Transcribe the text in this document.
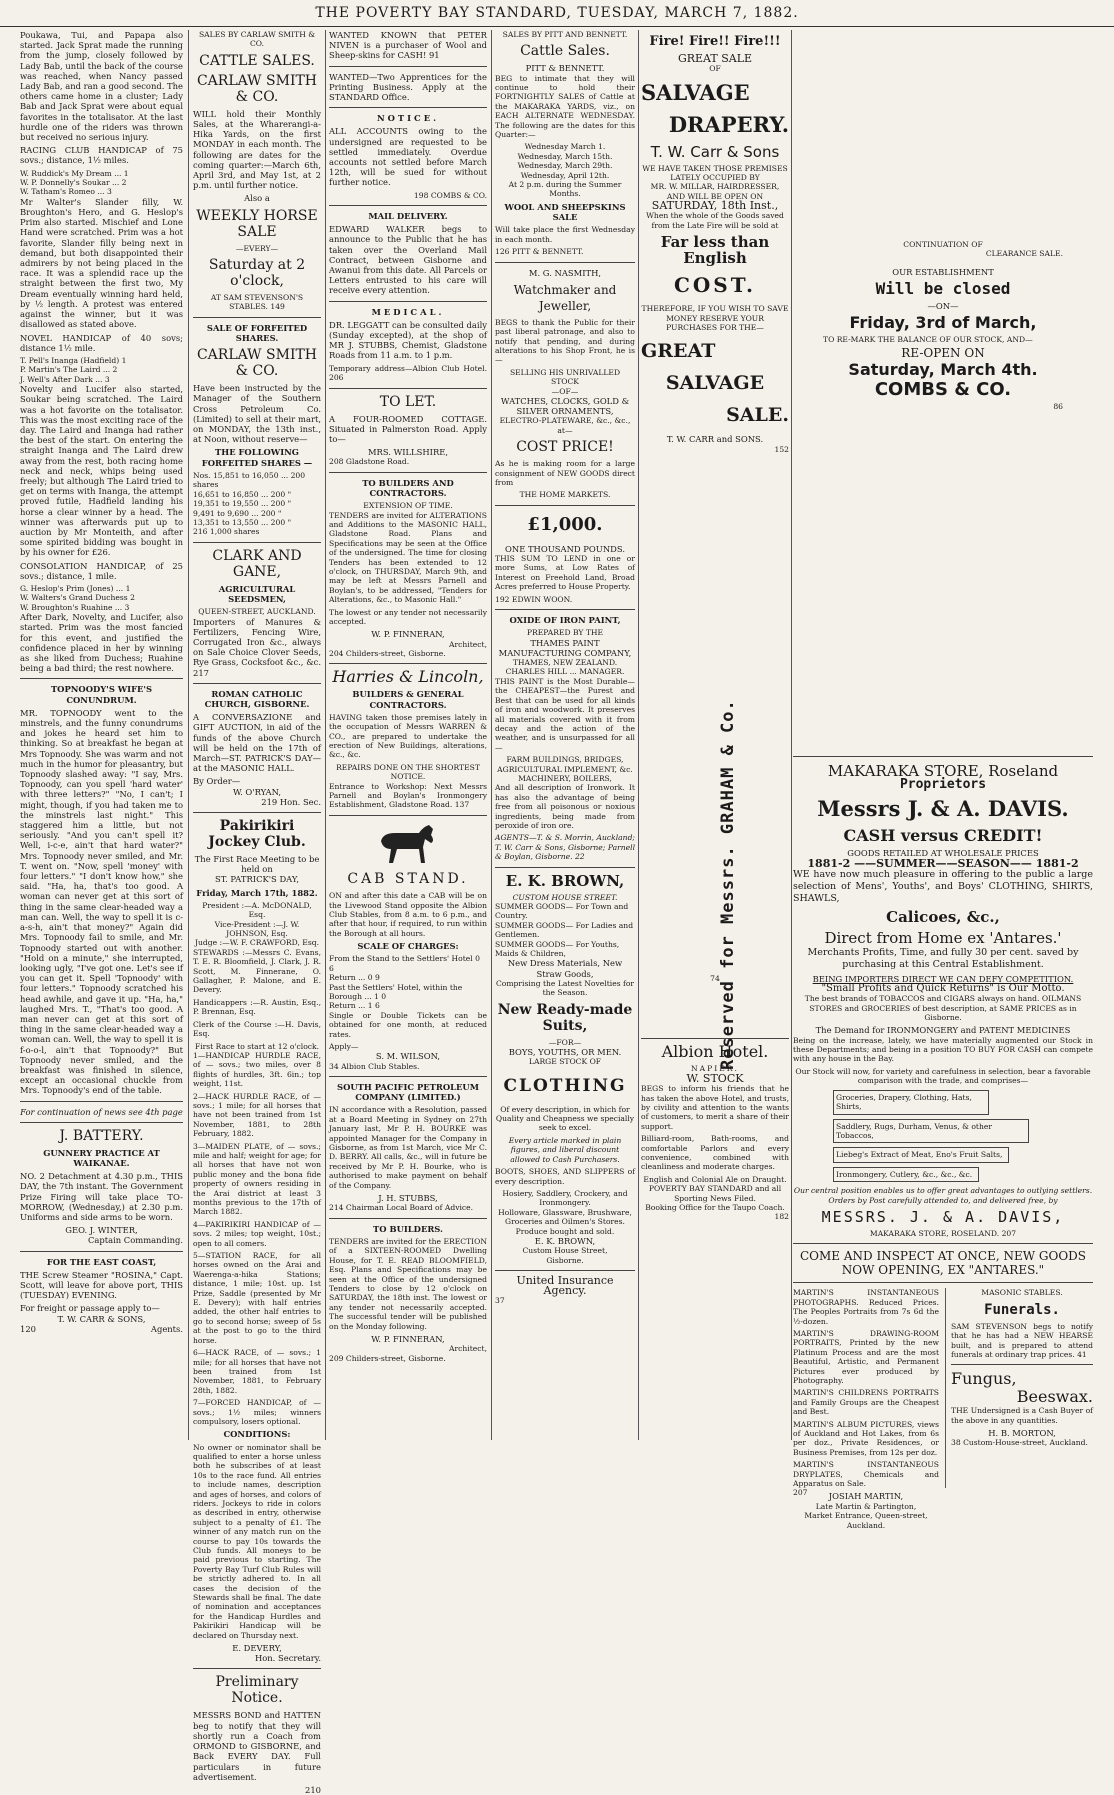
THE POVERTY BAY STANDARD, TUESDAY, MARCH 7, 1882.

Poukawa, Tui, and Papapa also started. Jack Sprat made the running from the jump, closely followed by Lady Bab, until the back of the course was reached, when Nancy passed Lady Bab, and ran a good second. The others came home in a cluster; Lady Bab and Jack Sprat were about equal favorites in the totalisator. At the last hurdle one of the riders was thrown but received no serious injury.

RACING CLUB HANDICAP of 75 sovs.; distance, 1½ miles.

W. Ruddick's My Dream ... 1
W. P. Donnelly's Soukar ... 2
W. Tatham's Romeo ... 3

Mr Walter's Slander filly, W. Broughton's Hero, and G. Heslop's Prim also started. Mischief and Lone Hand were scratched. Prim was a hot favorite, Slander filly being next in demand, but both disappointed their admirers by not being placed in the race. It was a splendid race up the straight between the first two, My Dream eventually winning hard held, by ½ length. A protest was entered against the winner, but it was disallowed as stated above.

NOVEL HANDICAP of 40 sovs; distance 1½ mile.

T. Pell's Inanga (Hadfield) 1
P. Martin's The Laird ... 2
J. Well's After Dark ... 3

Novelty and Lucifer also started, Soukar being scratched. The Laird was a hot favorite on the totalisator. This was the most exciting race of the day. The Laird and Inanga had rather the best of the start. On entering the straight Inanga and The Laird drew away from the rest, both racing home neck and neck, whips being used freely; but although The Laird tried to get on terms with Inanga, the attempt proved futile, Hadfield landing his horse a clear winner by a head. The winner was afterwards put up to auction by Mr Monteith, and after some spirited bidding was bought in by his owner for £26.

CONSOLATION HANDICAP, of 25 sovs.; distance, 1 mile.

G. Heslop's Prim (Jones) ... 1
W. Walters's Grand Duchess 2
W. Broughton's Ruahine ... 3

After Dark, Novelty, and Lucifer, also started. Prim was the most fancied for this event, and justified the confidence placed in her by winning as she liked from Duchess; Ruahine being a bad third; the rest nowhere.

TOPNOODY'S WIFE'S CONUNDRUM.

MR. TOPNOODY went to the minstrels, and the funny conundrums and jokes he heard set him to thinking. So at breakfast he began at Mrs Topnoody. She was warm and not much in the humor for pleasantry, but Topnoody slashed away: "I say, Mrs. Topnoody, can you spell 'hard water' with three letters?" "No, I can't; I might, though, if you had taken me to the minstrels last night." This staggered him a little, but not seriously. "And you can't spell it? Well, i-c-e, ain't that hard water?" Mrs. Topnoody never smiled, and Mr. T. went on. "Now, spell 'money' with four letters." "I don't know how," she said. "Ha, ha, that's too good. A woman can never get at this sort of thing in the same clear-headed way a man can. Well, the way to spell it is c-a-s-h, ain't that money?" Again did Mrs. Topnoody fail to smile, and Mr. Topnoody started out with another. "Hold on a minute," she interrupted, looking ugly, "I've got one. Let's see if you can get it. Spell 'Topnoody' with four letters." Topnoody scratched his head awhile, and gave it up. "Ha, ha," laughed Mrs. T., "That's too good. A man never can get at this sort of thing in the same clear-headed way a woman can. Well, the way to spell it is f-o-o-l, ain't that Topnoody?" But Topnoody never smiled, and the breakfast was finished in silence, except an occasional chuckle from Mrs. Topnoody's end of the table.

For continuation of news see 4th page

J. BATTERY.
GUNNERY PRACTICE AT WAIKANAE.

NO. 2 Detachment at 4.30 p.m., THIS DAY, the 7th instant. The Government Prize Firing will take place TO-MORROW, (Wednesday,) at 2.30 p.m. Uniforms and side arms to be worn.

GEO. J. WINTER,
Captain Commanding.
FOR THE EAST COAST,

THE Screw Steamer "ROSINA," Capt. Scott, will leave for above port, THIS (TUESDAY) EVENING.

For freight or passage apply to—
T. W. CARR & SONS,
120	Agents.
SALES BY CARLAW SMITH & CO.
CATTLE SALES.
CARLAW SMITH & CO.

WILL hold their Monthly Sales, at the Wharerangi-a-Hika Yards, on the first MONDAY in each month. The following are dates for the coming quarter:—March 6th, April 3rd, and May 1st, at 2 p.m. until further notice.

Also a
WEEKLY HORSE SALE
—EVERY—
Saturday at 2 o'clock,
AT SAM STEVENSON'S STABLES. 149
SALE OF FORFEITED SHARES.
CARLAW SMITH & CO.

Have been instructed by the Manager of the Southern Cross Petroleum Co. (Limited) to sell at their mart, on MONDAY, the 13th inst., at Noon, without reserve—

THE FOLLOWING FORFEITED SHARES —
Nos. 15,851 to 16,050 ... 200 shares
16,651 to 16,850 ... 200 "
19,351 to 19,550 ... 200 "
9,491 to 9,690 ... 200 "
13,351 to 13,550 ... 200 "
216 1,000 shares
CLARK AND GANE,
AGRICULTURAL SEEDSMEN,
QUEEN-STREET, AUCKLAND.

Importers of Manures & Fertilizers, Fencing Wire, Corrugated Iron &c., always on Sale Choice Clover Seeds, Rye Grass, Cocksfoot &c., &c. 217

ROMAN CATHOLIC CHURCH, GISBORNE.

A CONVERSAZIONE and GIFT AUCTION, in aid of the funds of the above Church will be held on the 17th of March—ST. PATRICK'S DAY—at the MASONIC HALL.

By Order—
W. O'RYAN,
219 Hon. Sec.
Pakirikiri Jockey Club.
The First Race Meeting to be held on
ST. PATRICK'S DAY,
Friday, March 17th, 1882.
President :—A. McDONALD, Esq.
Vice-President :—J. W. JOHNSON, Esq.
Judge :—W. F. CRAWFORD, Esq.

STEWARDS :—Messrs C. Evans, T. E. R. Bloomfield, J. Clark, J. R. Scott, M. Finnerane, O. Gallagher, P. Malone, and E. Devery.

Handicappers :—R. Austin, Esq., P. Brennan, Esq.

Clerk of the Course :—H. Davis, Esq.

First Race to start at 12 o'clock.

1—HANDICAP HURDLE RACE, of — sovs.; two miles, over 8 flights of hurdles, 3ft. 6in.; top weight, 11st.

2—HACK HURDLE RACE, of — sovs.; 1 mile; for all horses that have not been trained from 1st November, 1881, to 28th February, 1882.

3—MAIDEN PLATE, of — sovs.; mile and half; weight for age; for all horses that have not won public money and the bona fide property of owners residing in the Arai district at least 3 months previous to the 17th of March 1882.

4—PAKIRIKIRI HANDICAP of — sovs. 2 miles; top weight, 10st.; open to all comers.

5—STATION RACE, for all horses owned on the Arai and Waerenga-a-hika Stations; distance, 1 mile; 10st. up. 1st Prize, Saddle (presented by Mr E. Devery); with half entries added, the other half entries to go to second horse; sweep of 5s at the post to go to the third horse.

6—HACK RACE, of — sovs.; 1 mile; for all horses that have not been trained from 1st November, 1881, to February 28th, 1882.

7—FORCED HANDICAP, of — sovs.; 1½ miles; winners compulsory, losers optional.

CONDITIONS:

No owner or nominator shall be qualified to enter a horse unless both he subscribes of at least 10s to the race fund. All entries to include names, description and ages of horses, and colors of riders. Jockeys to ride in colors as described in entry, otherwise subject to a penalty of £1. The winner of any match run on the course to pay 10s towards the Club funds. All moneys to be paid previous to starting. The Poverty Bay Turf Club Rules will be strictly adhered to. In all cases the decision of the Stewards shall be final. The date of nomination and acceptances for the Handicap Hurdles and Pakirikiri Handicap will be declared on Thursday next.

E. DEVERY,
Hon. Secretary.
Preliminary Notice.

MESSRS BOND and HATTEN beg to notify that they will shortly run a Coach from ORMOND to GISBORNE, and Back EVERY DAY. Full particulars in future advertisement.

210

WANTED KNOWN that PETER NIVEN is a purchaser of Wool and Sheep-skins for CASH! 91

WANTED—Two Apprentices for the Printing Business. Apply at the STANDARD Office.

NOTICE.

ALL ACCOUNTS owing to the undersigned are requested to be settled immediately. Overdue accounts not settled before March 12th, will be sued for without further notice.

198 COMBS & CO.
MAIL DELIVERY.

EDWARD WALKER begs to announce to the Public that he has taken over the Overland Mail Contract, between Gisborne and Awanui from this date. All Parcels or Letters entrusted to his care will receive every attention.

MEDICAL.

DR. LEGGATT can be consulted daily (Sunday excepted), at the shop of MR J. STUBBS, Chemist, Gladstone Roads from 11 a.m. to 1 p.m.

Temporary address—Albion Club Hotel. 206

TO LET.

A FOUR-ROOMED COTTAGE. Situated in Palmerston Road. Apply to—

MRS. WILLSHIRE,
208 Gladstone Road.
TO BUILDERS AND CONTRACTORS.
EXTENSION OF TIME.

TENDERS are invited for ALTERATIONS and Additions to the MASONIC HALL, Gladstone Road. Plans and Specifications may be seen at the Office of the undersigned. The time for closing Tenders has been extended to 12 o'clock, on THURSDAY, March 9th, and may be left at Messrs Parnell and Boylan's, to be addressed, "Tenders for Alterations, &c., to Masonic Hall."

The lowest or any tender not necessarily accepted.

W. P. FINNERAN,
Architect,
204 Childers-street, Gisborne.
Harries & Lincoln,
BUILDERS & GENERAL CONTRACTORS.

HAVING taken those premises lately in the occupation of Messrs WARREN & CO., are prepared to undertake the erection of New Buildings, alterations, &c., &c.

REPAIRS DONE ON THE SHORTEST NOTICE.

Entrance to Workshop: Next Messrs Parnell and Boylan's Ironmongery Establishment, Gladstone Road. 137

CAB STAND.

ON and after this date a CAB will be on the Livewood Stand opposite the Albion Club Stables, from 8 a.m. to 6 p.m., and after that hour, if required, to run within the Borough at all hours.

SCALE OF CHARGES:
From the Stand to the Settlers' Hotel 0 6
Return ... 0 9
Past the Settlers' Hotel, within the Borough ... 1 0
Return ... 1 6

Single or Double Tickets can be obtained for one month, at reduced rates.

Apply—
S. M. WILSON,
34 Albion Club Stables.
SOUTH PACIFIC PETROLEUM COMPANY (LIMITED.)

IN accordance with a Resolution, passed at a Board Meeting in Sydney on 27th January last, Mr P. H. BOURKE was appointed Manager for the Company in Gisborne, as from 1st March, vice Mr C. D. BERRY. All calls, &c., will in future be received by Mr P. H. Bourke, who is authorised to make payment on behalf of the Company.

J. H. STUBBS,
214 Chairman Local Board of Advice.
TO BUILDERS.

TENDERS are invited for the ERECTION of a SIXTEEN-ROOMED Dwelling House, for T. E. READ BLOOMFIELD, Esq. Plans and Specifications may be seen at the Office of the undersigned Tenders to close by 12 o'clock on SATURDAY, the 18th inst. The lowest or any tender not necessarily accepted. The successful tender will be published on the Monday following.

W. P. FINNERAN,
Architect,
209 Childers-street, Gisborne.
SALES BY PITT AND BENNETT.
Cattle Sales.
PITT & BENNETT.

BEG to intimate that they will continue to hold their FORTNIGHTLY SALES of Cattle at the MAKARAKA YARDS, viz., on EACH ALTERNATE WEDNESDAY. The following are the dates for this Quarter:—

Wednesday March 1.
Wednesday, March 15th.
Wednesday, March 29th.
Wednesday, April 12th.
At 2 p.m. during the Summer Months.
WOOL AND SHEEPSKINS SALE

Will take place the first Wednesday in each month.

126 PITT & BENNETT.
M. G. NASMITH,
Watchmaker and Jeweller,

BEGS to thank the Public for their past liberal patronage, and also to notify that pending, and during alterations to his Shop Front, he is—

SELLING HIS UNRIVALLED STOCK
—OF—
WATCHES, CLOCKS, GOLD & SILVER ORNAMENTS,
ELECTRO-PLATEWARE, &c., &c., at—
COST PRICE!

As he is making room for a large consignment of NEW GOODS direct from

THE HOME MARKETS.
£1,000.
ONE THOUSAND POUNDS.

THIS SUM TO LEND in one or more Sums, at Low Rates of Interest on Freehold Land, Broad Acres preferred to House Property.

192 EDWIN WOON.
OXIDE OF IRON PAINT,
PREPARED BY THE
THAMES PAINT MANUFACTURING COMPANY,
THAMES, NEW ZEALAND.
CHARLES HILL ... MANAGER.

THIS PAINT is the Most Durable—the CHEAPEST—the Purest and Best that can be used for all kinds of iron and woodwork. It preserves all materials covered with it from decay and the action of the weather, and is unsurpassed for all—

FARM BUILDINGS, BRIDGES, AGRICULTURAL IMPLEMENT, &c. MACHINERY, BOILERS,

And all description of Ironwork. It has also the advantage of being free from all poisonous or noxious ingredients, being made from peroxide of iron ore.

AGENTS—T. & S. Morrin, Auckland; T. W. Carr & Sons, Gisborne; Parnell & Boylan, Gisborne. 22

E. K. BROWN,
CUSTOM HOUSE STREET.
SUMMER GOODS— For Town and Country.
SUMMER GOODS— For Ladies and Gentlemen.
SUMMER GOODS— For Youths, Maids & Children,
New Dress Materials, New Straw Goods,
Comprising the Latest Novelties for the Season.
New Ready-made Suits,
—FOR—
BOYS, YOUTHS, OR MEN.
LARGE STOCK OF
CLOTHING

Of every description, in which for Quality and Cheapness we specially seek to excel.

Every article marked in plain figures, and liberal discount allowed to Cash Purchasers.

BOOTS, SHOES, AND SLIPPERS of every description.

Hosiery, Saddlery, Crockery, and Ironmongery.
Holloware, Glassware, Brushware, Groceries and Oilmen's Stores.
Produce bought and sold.
E. K. BROWN,
Custom House Street,
Gisborne.
United Insurance Agency.
37
Fire! Fire!! Fire!!!
GREAT SALE
OF
SALVAGE
DRAPERY.
T. W. Carr & Sons
WE HAVE TAKEN THOSE PREMISES
LATELY OCCUPIED BY
MR. W. MILLAR, HAIRDRESSER,
AND WILL BE OPEN ON
SATURDAY, 18th Inst.,

When the whole of the Goods saved from the Late Fire will be sold at

Far less than English
COST.

THEREFORE, IF YOU WISH TO SAVE MONEY RESERVE YOUR PURCHASES FOR THE—

GREAT
SALVAGE
SALE.
T. W. CARR and SONS.
152
74
Albion Hotel.
NAPIER.
W. STOCK

BEGS to inform his friends that he has taken the above Hotel, and trusts, by civility and attention to the wants of customers, to merit a share of their support.

Billiard-room, Bath-rooms, and comfortable Parlors and every convenience, combined with cleanliness and moderate charges.

English and Colonial Ale on Draught.
POVERTY BAY STANDARD and all Sporting News Filed.
Booking Office for the Taupo Coach.
182
Reserved for Messrs. GRAHAM & Co.
CONTINUATION OF
CLEARANCE SALE.
OUR ESTABLISHMENT
Will be closed
—ON—
Friday, 3rd of March,

TO RE-MARK THE BALANCE OF OUR STOCK, AND—

RE-OPEN ON
Saturday, March 4th.
COMBS & CO.
86
MAKARAKA STORE, Roseland
Proprietors
Messrs J. & A. DAVIS.
CASH versus CREDIT!
GOODS RETAILED AT WHOLESALE PRICES
1881-2 ——SUMMER——SEASON—— 1881-2

WE have now much pleasure in offering to the public a large selection of Mens', Youths', and Boys' CLOTHING, SHIRTS, SHAWLS,

Calicoes, &c.,
Direct from Home ex 'Antares.'

Merchants Profits, Time, and fully 30 per cent. saved by purchasing at this Central Establishment.

BEING IMPORTERS DIRECT WE CAN DEFY COMPETITION.
"Small Profits and Quick Returns" is Our Motto.

The best brands of TOBACCOS and CIGARS always on hand. OILMANS STORES and GROCERIES of best description, at SAME PRICES as in Gisborne.

The Demand for IRONMONGERY and PATENT MEDICINES

Being on the increase, lately, we have materially augmented our Stock in these Departments; and being in a position TO BUY FOR CASH can compete with any house in the Bay.

Our Stock will now, for variety and carefulness in selection, bear a favorable comparison with the trade, and comprises—

Groceries, Drapery, Clothing, Hats, Shirts,
Saddlery, Rugs, Durham, Venus, & other Tobaccos,
Liebeg's Extract of Meat, Eno's Fruit Salts,
Ironmongery, Cutlery, &c., &c., &c.

Our central position enables us to offer great advantages to outlying settlers. Orders by Post carefully attended to, and delivered free, by

MESSRS. J. & A. DAVIS,
MAKARAKA STORE, ROSELAND. 207
COME AND INSPECT AT ONCE, NEW GOODS NOW OPENING, EX "ANTARES."

MARTIN'S INSTANTANEOUS PHOTOGRAPHS. Reduced Prices. The Peoples Portraits from 7s 6d the ½-dozen.

MARTIN'S DRAWING-ROOM PORTRAITS, Printed by the new Platinum Process and are the most Beautiful, Artistic, and Permanent Pictures ever produced by Photography.

MARTIN'S CHILDRENS PORTRAITS and Family Groups are the Cheapest and Best.

MARTIN'S ALBUM PICTURES, views of Auckland and Hot Lakes, from 6s per doz., Private Residences, or Business Premises, from 12s per doz.

MARTIN'S INSTANTANEOUS DRYPLATES, Chemicals and Apparatus on Sale.

JOSIAH MARTIN,
Late Martin & Partington,
Market Entrance, Queen-street, Auckland.
MASONIC STABLES.
Funerals.

SAM STEVENSON begs to notify that he has had a NEW HEARSE built, and is prepared to attend funerals at ordinary trap prices. 41

Fungus,
Beeswax.

THE Undersigned is a Cash Buyer of the above in any quantities.

H. B. MORTON,
38 Custom-House-street, Auckland.
207
